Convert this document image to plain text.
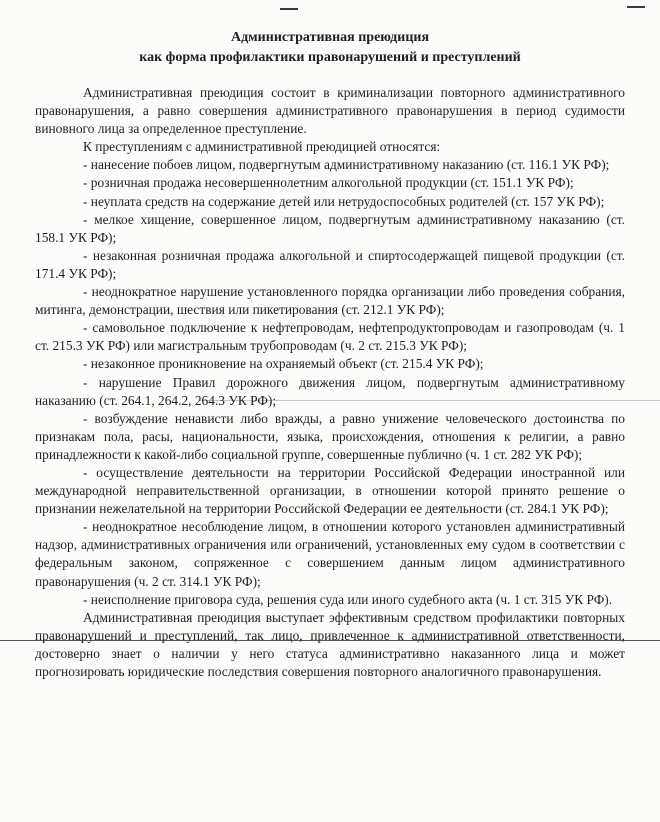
Административная преюдиция
как форма профилактики правонарушений и преступлений

Административная преюдиция состоит в криминализации повторного административного правонарушения, а равно совершения административного правонарушения в период судимости виновного лица за определенное преступление.

К преступлениям с административной преюдицией относятся:

- нанесение побоев лицом, подвергнутым административному наказанию (ст. 116.1 УК РФ);

- розничная продажа несовершеннолетним алкогольной продукции (ст. 151.1 УК РФ);

- неуплата средств на содержание детей или нетрудоспособных родителей (ст. 157 УК РФ);

- мелкое хищение, совершенное лицом, подвергнутым административному наказанию (ст. 158.1 УК РФ);

- незаконная розничная продажа алкогольной и спиртосодержащей пищевой продукции (ст. 171.4 УК РФ);

- неоднократное нарушение установленного порядка организации либо проведения собрания, митинга, демонстрации, шествия или пикетирования (ст. 212.1 УК РФ);

- самовольное подключение к нефтепроводам, нефтепродуктопроводам и газопроводам (ч. 1 ст. 215.3 УК РФ) или магистральным трубопроводам (ч. 2 ст. 215.3 УК РФ);

- незаконное проникновение на охраняемый объект (ст. 215.4 УК РФ);

- нарушение Правил дорожного движения лицом, подвергнутым административному наказанию (ст. 264.1, 264.2, 264.3 УК РФ);

- возбуждение ненависти либо вражды, а равно унижение человеческого достоинства по признакам пола, расы, национальности, языка, происхождения, отношения к религии, а равно принадлежности к какой-либо социальной группе, совершенные публично (ч. 1 ст. 282 УК РФ);

- осуществление деятельности на территории Российской Федерации иностранной или международной неправительственной организации, в отношении которой принято решение о признании нежелательной на территории Российской Федерации ее деятельности (ст. 284.1 УК РФ);

- неоднократное несоблюдение лицом, в отношении которого установлен административный надзор, административных ограничения или ограничений, установленных ему судом в соответствии с федеральным законом, сопряженное с совершением данным лицом административного правонарушения (ч. 2 ст. 314.1 УК РФ);

- неисполнение приговора суда, решения суда или иного судебного акта (ч. 1 ст. 315 УК РФ).

Административная преюдиция выступает эффективным средством профилактики повторных правонарушений и преступлений, так лицо, привлеченное к административной ответственности, достоверно знает о наличии у него статуса административно наказанного лица и может прогнозировать юридические последствия совершения повторного аналогичного правонарушения.
